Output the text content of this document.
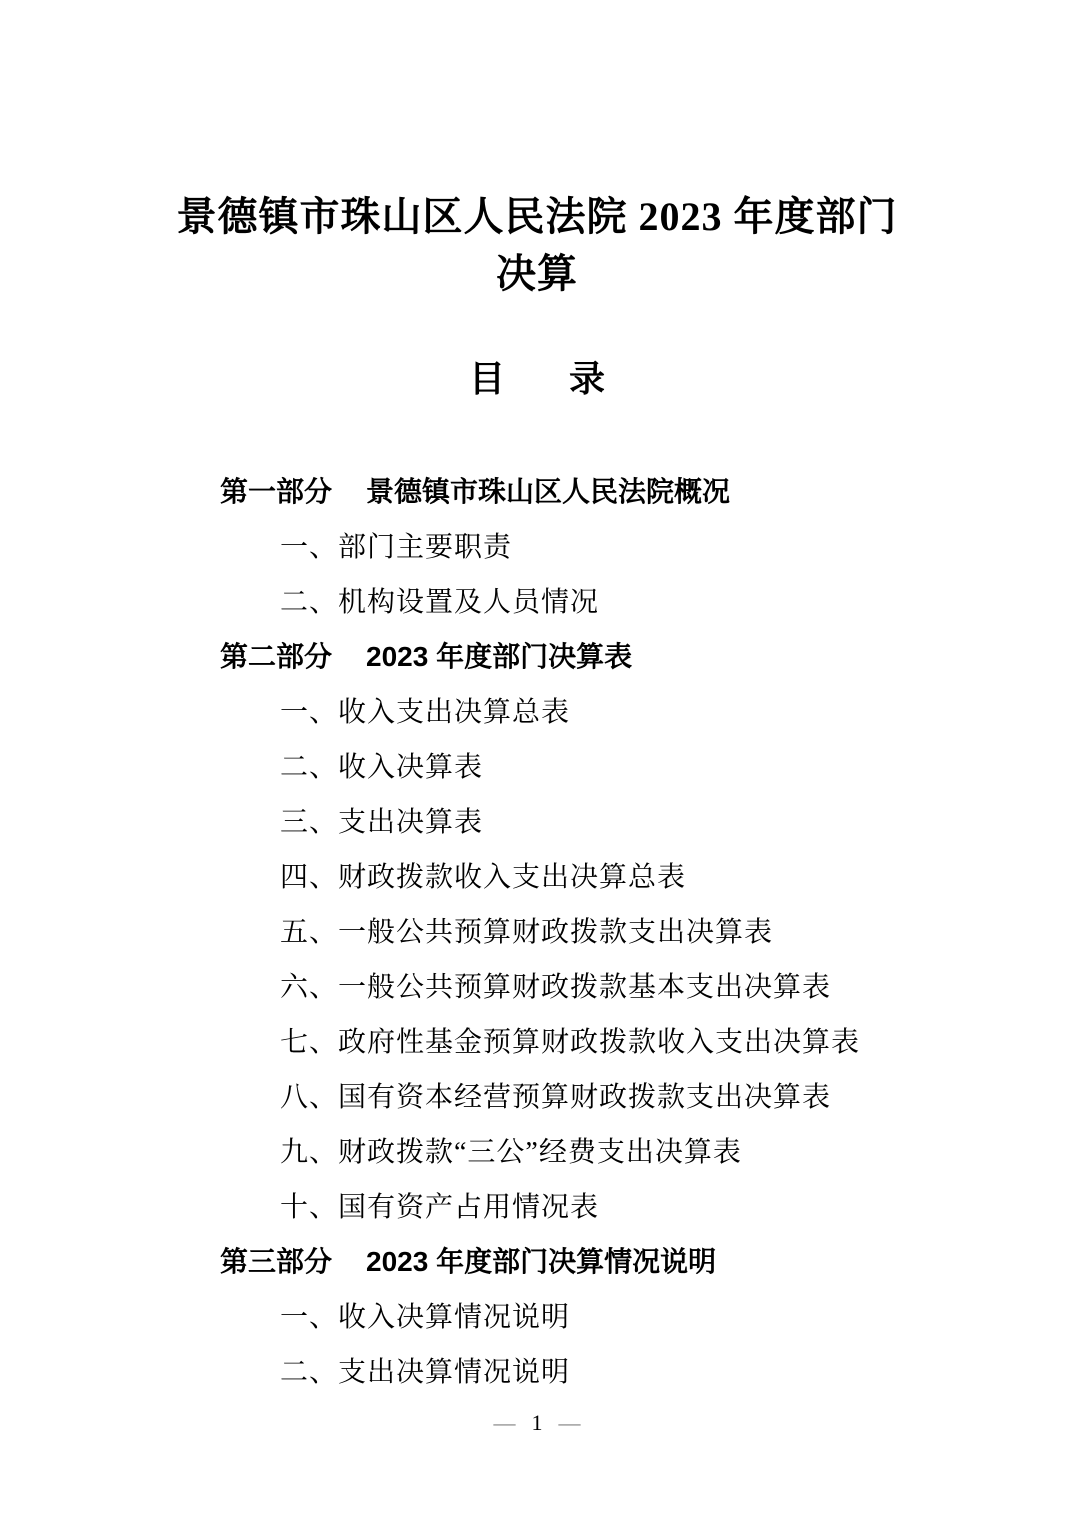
景德镇市珠山区人民法院 2023 年度部门
决算
目 录
第一部分 景德镇市珠山区人民法院概况
一、部门主要职责
二、机构设置及人员情况
第二部分 2023 年度部门决算表
一、收入支出决算总表
二、收入决算表
三、支出决算表
四、财政拨款收入支出决算总表
五、一般公共预算财政拨款支出决算表
六、一般公共预算财政拨款基本支出决算表
七、政府性基金预算财政拨款收入支出决算表
八、国有资本经营预算财政拨款支出决算表
九、财政拨款“三公”经费支出决算表
十、国有资产占用情况表
第三部分 2023 年度部门决算情况说明
一、收入决算情况说明
二、支出决算情况说明
— 1 —
